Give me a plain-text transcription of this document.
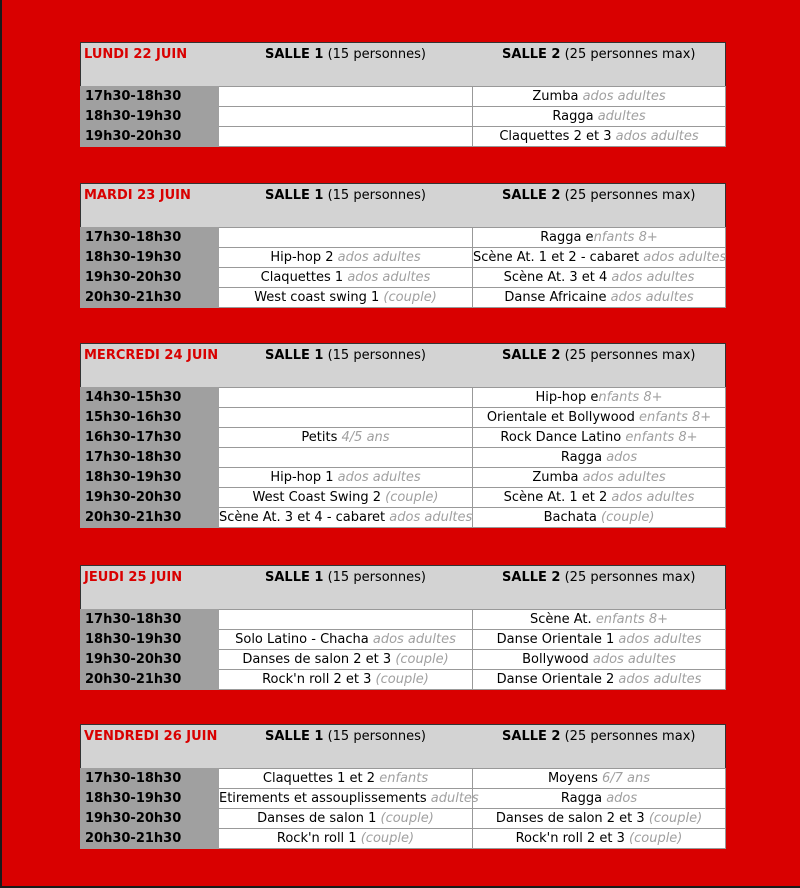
LUNDI 22 JUIN	SALLE 1 (15 personnes)	SALLE 2 (25 personnes max)
17h30-18h30		Zumba ados adultes
18h30-19h30		Ragga adultes
19h30-20h30		Claquettes 2 et 3 ados adultes
MARDI 23 JUIN	SALLE 1 (15 personnes)	SALLE 2 (25 personnes max)
17h30-18h30		Ragga enfants 8+
18h30-19h30	Hip-hop 2 ados adultes	Scène At. 1 et 2 - cabaret ados adultes
19h30-20h30	Claquettes 1 ados adultes	Scène At. 3 et 4 ados adultes
20h30-21h30	West coast swing 1 (couple)	Danse Africaine ados adultes
MERCREDI 24 JUIN	SALLE 1 (15 personnes)	SALLE 2 (25 personnes max)
14h30-15h30		Hip-hop enfants 8+
15h30-16h30		Orientale et Bollywood enfants 8+
16h30-17h30	Petits 4/5 ans	Rock Dance Latino enfants 8+
17h30-18h30		Ragga ados
18h30-19h30	Hip-hop 1 ados adultes	Zumba ados adultes
19h30-20h30	West Coast Swing 2 (couple)	Scène At. 1 et 2 ados adultes
20h30-21h30	Scène At. 3 et 4 - cabaret ados adultes	Bachata (couple)
JEUDI 25 JUIN	SALLE 1 (15 personnes)	SALLE 2 (25 personnes max)
17h30-18h30		Scène At. enfants 8+
18h30-19h30	Solo Latino - Chacha ados adultes	Danse Orientale 1 ados adultes
19h30-20h30	Danses de salon 2 et 3 (couple)	Bollywood ados adultes
20h30-21h30	Rock'n roll 2 et 3 (couple)	Danse Orientale 2 ados adultes
VENDREDI 26 JUIN	SALLE 1 (15 personnes)	SALLE 2 (25 personnes max)
17h30-18h30	Claquettes 1 et 2 enfants	Moyens 6/7 ans
18h30-19h30	Etirements et assouplissements adultes	Ragga ados
19h30-20h30	Danses de salon 1 (couple)	Danses de salon 2 et 3 (couple)
20h30-21h30	Rock'n roll 1 (couple)	Rock'n roll 2 et 3 (couple)
